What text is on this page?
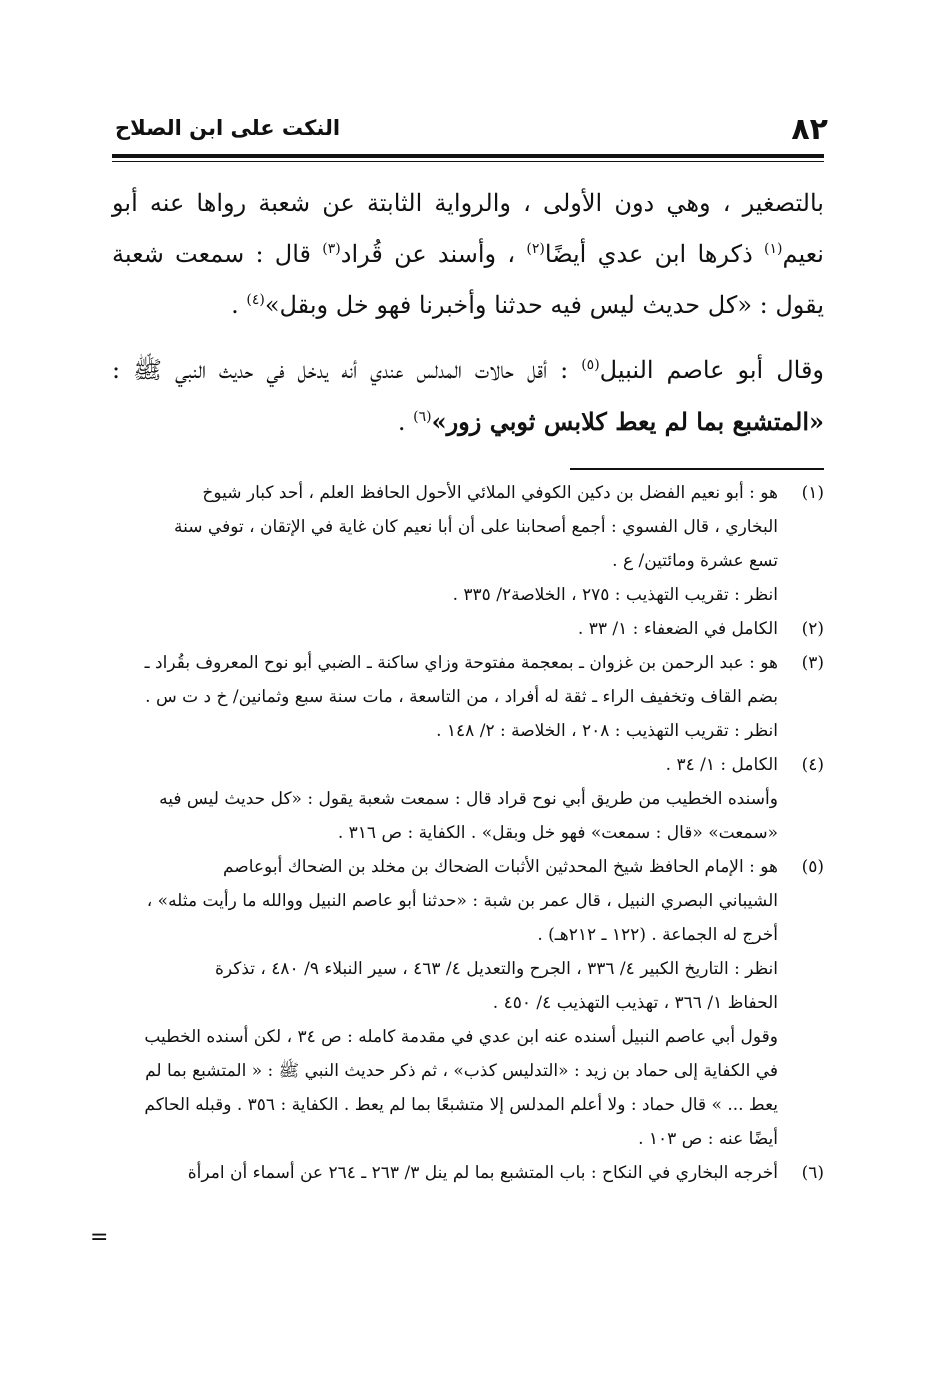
٨٢
النكت على ابن الصلاح

بالتصغير ، وهي دون الأولى ، والرواية الثابتة عن شعبة رواها عنه أبو نعيم$^{(١)}$ ذكرها ابن عدي أيضًا$^{(٢)}$ ، وأسند عن قُراد$^{(٣)}$ قال : سمعت شعبة يقول : «كل حديث ليس فيه حدثنا وأخبرنا فهو خل وبقل»$^{(٤)}$ .

وقال أبو عاصم النبيل$^{(٥)}$ : أقل حالات المدلس عندي أنه يدخل في حديث النبي ﷺ : «المتشبع بما لم يعط كلابس ثوبي زور»$^{(٦)}$ .

(١)
هو : أبو نعيم الفضل بن دكين الكوفي الملائي الأحول الحافظ العلم ، أحد كبار شيوخ
البخاري ، قال الفسوي : أجمع أصحابنا على أن أبا نعيم كان غاية في الإتقان ، توفي سنة
تسع عشرة ومائتين/ ع .
انظر : تقريب التهذيب : ٢٧٥ ، الخلاصة٢/ ٣٣٥ .
(٢)
الكامل في الضعفاء : ١/ ٣٣ .
(٣)
هو : عبد الرحمن بن غزوان ـ بمعجمة مفتوحة وزاي ساكنة ـ الضبي أبو نوح المعروف بقُراد ـ
بضم القاف وتخفيف الراء ـ ثقة له أفراد ، من التاسعة ، مات سنة سبع وثمانين/ خ د ت س .
انظر : تقريب التهذيب : ٢٠٨ ، الخلاصة : ٢/ ١٤٨ .
(٤)
الكامل : ١/ ٣٤ .
وأسنده الخطيب من طريق أبي نوح قراد قال : سمعت شعبة يقول : «كل حديث ليس فيه
«سمعت» «قال : سمعت» فهو خل وبقل» . الكفاية : ص ٣١٦ .
(٥)
هو : الإمام الحافظ شيخ المحدثين الأثبات الضحاك بن مخلد بن الضحاك أبوعاصم
الشيباني البصري النبيل ، قال عمر بن شبة : «حدثنا أبو عاصم النبيل ووالله ما رأيت مثله» ،
أخرج له الجماعة . (١٢٢ ـ ٢١٢هـ) .
انظر : التاريخ الكبير ٤/ ٣٣٦ ، الجرح والتعديل ٤/ ٤٦٣ ، سير النبلاء ٩/ ٤٨٠ ، تذكرة
الحفاظ ١/ ٣٦٦ ، تهذيب التهذيب ٤/ ٤٥٠ .
وقول أبي عاصم النبيل أسنده عنه ابن عدي في مقدمة كامله : ص ٣٤ ، لكن أسنده الخطيب
في الكفاية إلى حماد بن زيد : «التدليس كذب» ، ثم ذكر حديث النبي ﷺ : « المتشبع بما لم
يعط ... » قال حماد : ولا أعلم المدلس إلا متشبعًا بما لم يعط . الكفاية : ٣٥٦ . وقبله الحاكم
أيضًا عنه : ص ١٠٣ .
(٦)
أخرجه البخاري في النكاح : باب المتشبع بما لم ينل ٣/ ٢٦٣ ـ ٢٦٤ عن أسماء أن امرأة
=
